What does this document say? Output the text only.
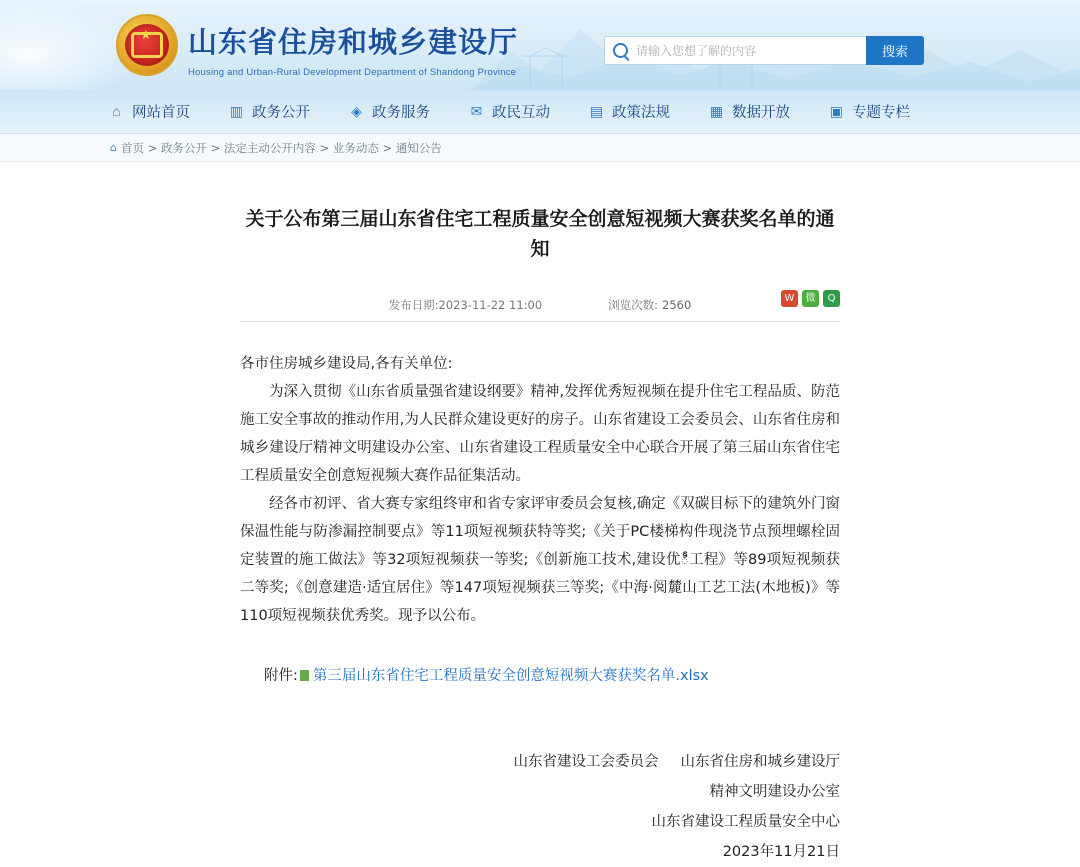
★ 山东省住房和城乡建设厅
Housing and Urban-Rural Development Department of Shandong Province
请输入您想了解的内容
搜索
⌂ 网站首页	▥ 政务公开	◈ 政务服务	✉ 政民互动	▤ 政策法规	▦ 数据开放	▣ 专题专栏
⌂ 首页 > 政务公开 > 法定主动公开内容 > 业务动态 > 通知公告
关于公布第三届山东省住宅工程质量安全创意短视频大赛获奖名单的通知
发布日期:2023-11-22 11:00	浏览次数: 2560	W	微	Q

各市住房城乡建设局,各有关单位:

为深入贯彻《山东省质量强省建设纲要》精神,发挥优秀短视频在提升住宅工程品质、防范施工安全事故的推动作用,为人民群众建设更好的房子。山东省建设工会委员会、山东省住房和城乡建设厅精神文明建设办公室、山东省建设工程质量安全中心联合开展了第三届山东省住宅工程质量安全创意短视频大赛作品征集活动。

经各市初评、省大赛专家组终审和省专家评审委员会复核,确定《双碳目标下的建筑外门窗保温性能与防渗漏控制要点》等11项短视频获特等奖;《关于PC楼梯构件现浇节点预埋螺栓固定装置的施工做法》等32项短视频获一等奖;《创新施工技术,建设优ీ工程》等89项短视频获二等奖;《创意建造·适宜居住》等147项短视频获三等奖;《中海·阅麓山工艺工法(木地板)》等110项短视频获优秀奖。现予以公布。

附件: 第三届山东省住宅工程质量安全创意短视频大赛获奖名单.xlsx
山东省建设工会委员会 山东省住房和城乡建设厅
精神文明建设办公室
山东省建设工程质量安全中心
2023年11月21日
